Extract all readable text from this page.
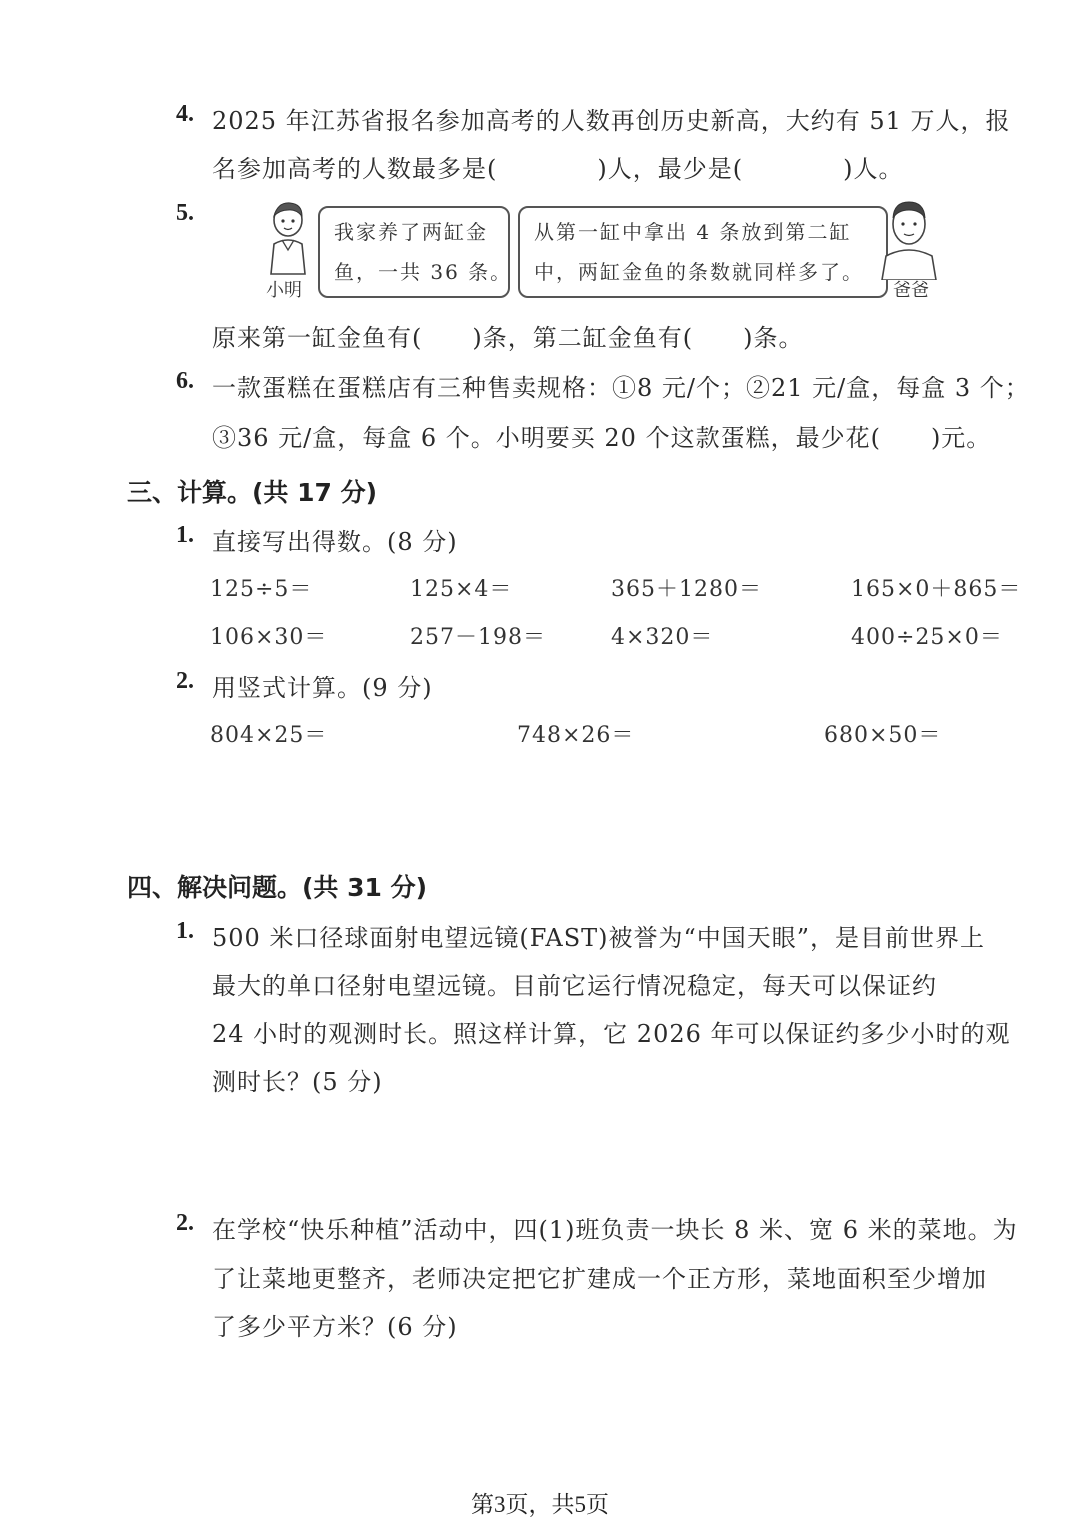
4. 2025 年江苏省报名参加高考的人数再创历史新高，大约有 51 万人，报
名参加高考的人数最多是(　　　　)人，最少是(　　　　)人。
5.
小明
我家养了两缸金
鱼，一共 36 条。
从第一缸中拿出 4 条放到第二缸
中，两缸金鱼的条数就同样多了。
爸爸
原来第一缸金鱼有(　　)条，第二缸金鱼有(　　)条。
6. 一款蛋糕在蛋糕店有三种售卖规格：①8 元/个；②21 元/盒，每盒 3 个；
③36 元/盒，每盒 6 个。小明要买 20 个这款蛋糕，最少花(　　)元。
三、计算。(共 17 分)
1. 直接写出得数。(8 分)
125÷5＝	125×4＝	365＋1280＝	165×0＋865＝
106×30＝	257－198＝	4×320＝	400÷25×0＝
2. 用竖式计算。(9 分)
804×25＝	748×26＝	680×50＝
四、解决问题。(共 31 分)
1. 500 米口径球面射电望远镜(FAST)被誉为“中国天眼”，是目前世界上
最大的单口径射电望远镜。目前它运行情况稳定，每天可以保证约
24 小时的观测时长。照这样计算，它 2026 年可以保证约多少小时的观
测时长？(5 分)
2. 在学校“快乐种植”活动中，四(1)班负责一块长 8 米、宽 6 米的菜地。为
了让菜地更整齐，老师决定把它扩建成一个正方形，菜地面积至少增加
了多少平方米？(6 分)
第3页，共5页
